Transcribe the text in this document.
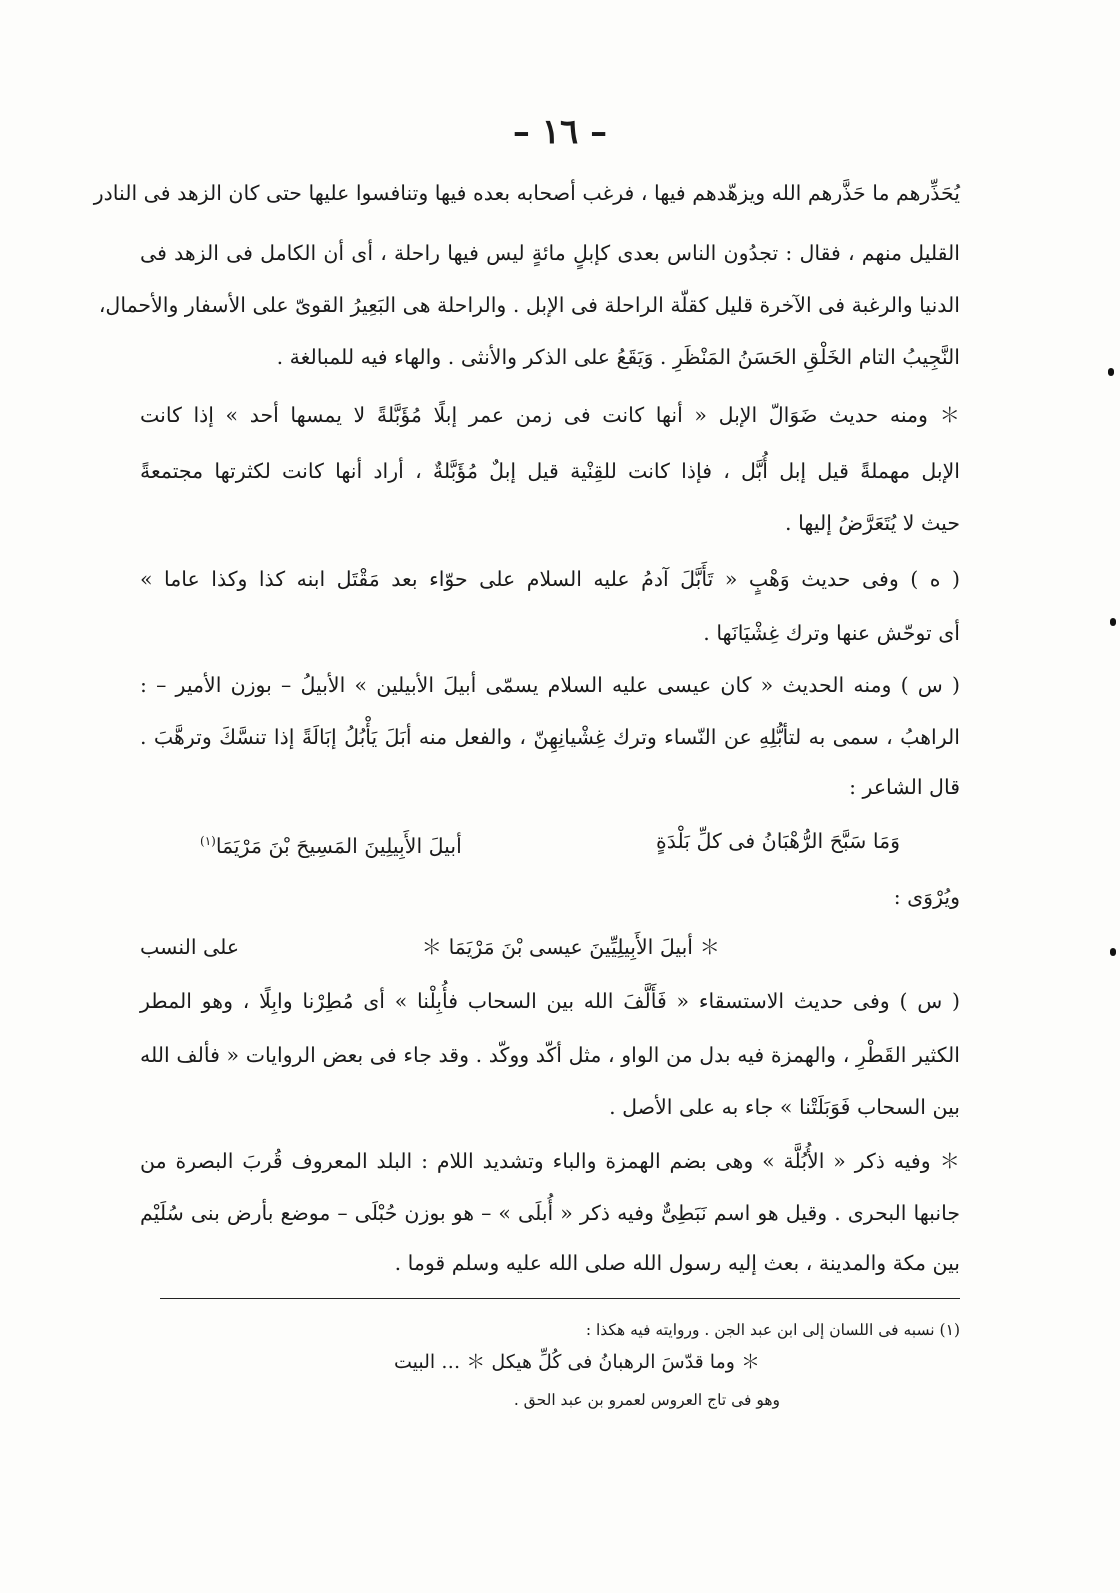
– ١٦ –
يُحَذِّرهم ما حَذَّرهم الله ويزهّدهم فيها ، فرغب أصحابه بعده فيها وتنافسوا عليها حتى كان الزهد فى النادر
القليل منهم ، فقال : تجدُون الناس بعدى كإبلٍ مائةٍ ليس فيها راحلة ، أى أن الكامل فى الزهد فى
الدنيا والرغبة فى الآخرة قليل كقلّة الراحلة فى الإبل . والراحلة هى البَعِيرُ القوىّ على الأسفار والأحمال،
النَّجِيبُ التام الخَلْقِ الحَسَنُ المَنْظَرِ . وَيَقَعُ على الذكر والأنثى . والهاء فيه للمبالغة .
＊ ومنه حديث ضَوَالّ الإبل « أنها كانت فى زمن عمر إبلًا مُؤَبَّلةً لا يمسها أحد » إذا كانت
الإبل مهملةً قيل إبل أُبَّل ، فإذا كانت للقِنْية قيل إبلٌ مُؤَبَّلةٌ ، أراد أنها كانت لكثرتها مجتمعةً
حيث لا يُتَعَرَّضُ إليها .
( ه ) وفى حديث وَهْبٍ « تَأَبَّلَ آدمُ عليه السلام على حوّاء بعد مَقْتَل ابنه كذا وكذا عاما »
أى توحّش عنها وترك غِشْيَانَها .
( س ) ومنه الحديث « كان عيسى عليه السلام يسمّى أبيلَ الأبيلين » الأبيلُ – بوزن الأمير – :
الراهبُ ، سمى به لتأبُّلِهِ عن النّساء وترك غِشْيانِهِنّ ، والفعل منه أبَلَ يَأْبُلُ إبَالَةً إذا تنسَّكَ وترهَّبَ .
قال الشاعر :
وَمَا سَبَّحَ الرُّهْبَانُ فى كلِّ بَلْدَةٍ
أبيلَ الأَبِيلِينَ المَسِيحَ بْنَ مَرْيَمَا$^{(١)}$
ويُرْوَى :
＊ أبيلَ الأَبِيلِيِّينَ عيسى بْنَ مَرْيَمَا ＊
على النسب
( س ) وفى حديث الاستسقاء « فَأَلَّفَ الله بين السحاب فأُبِلْنا » أى مُطِرْنا وابِلًا ، وهو المطر
الكثير القَطْرِ ، والهمزة فيه بدل من الواو ، مثل أكّد ووكّد . وقد جاء فى بعض الروايات « فألف الله
بين السحاب فَوَبَلَتْنا » جاء به على الأصل .
＊ وفيه ذكر « الأُبُلَّة » وهى بضم الهمزة والباء وتشديد اللام : البلد المعروف قُربَ البصرة من
جانبها البحرى . وقيل هو اسم نَبَطِىٌّ وفيه ذكر « أُبلَى » – هو بوزن حُبْلَى – موضع بأرض بنى سُلَيْم
بين مكة والمدينة ، بعث إليه رسول الله صلى الله عليه وسلم قوما .
(١) نسبه فى اللسان إلى ابن عبد الجن . وروايته فيه هكذا :
＊ وما قدّسَ الرهبانُ فى كُلِّ هيكل ＊ … البيت
وهو فى تاج العروس لعمرو بن عبد الحق .
